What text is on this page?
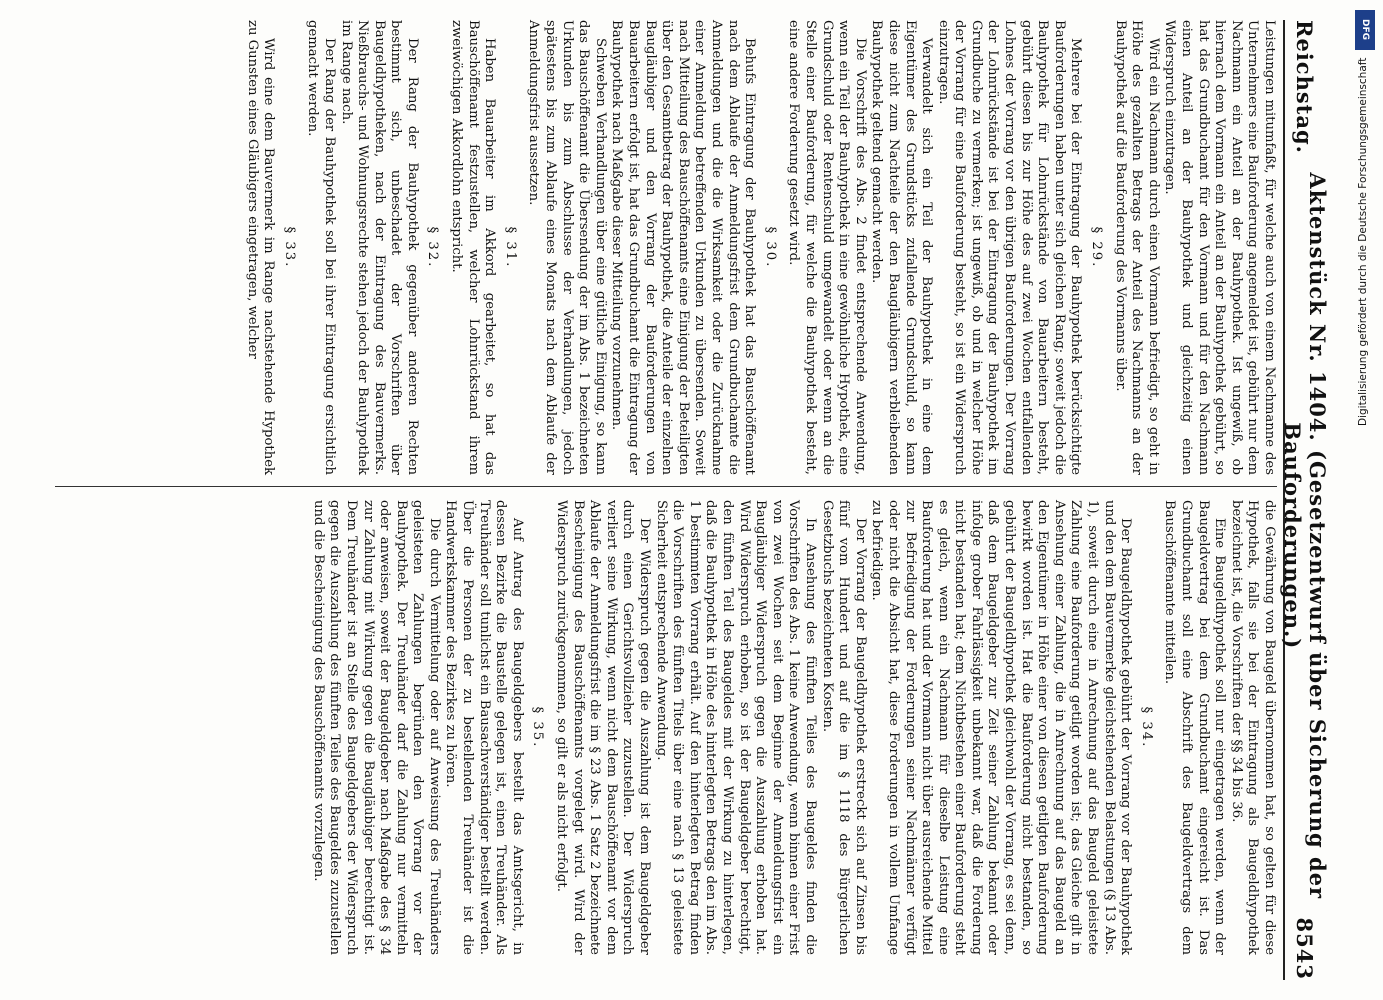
Reichstag.
Aktenstück Nr. 1404. (Gesetzentwurf über Sicherung der Bauforderungen.)
8543

Leistungen mitumfaßt, für welche auch von einem Nachmanne des Unternehmers eine Bauforderung angemeldet ist, gebührt nur dem Nachmann ein Anteil an der Bauhypothek. Ist ungewiß, ob hiernach dem Vormann ein Anteil an der Bauhypothek gebührt, so hat das Grundbuchamt für den Vormann und für den Nachmann einen Anteil an der Bauhypothek und gleichzeitig einen Widerspruch einzutragen.

Wird ein Nachmann durch einen Vormann befriedigt, so geht in Höhe des gezahlten Betrags der Anteil des Nachmanns an der Bauhypothek auf die Bauforderung des Vormanns über.

§ 29.

Mehrere bei der Eintragung der Bauhypothek berücksichtigte Bauforderungen haben unter sich gleichen Rang; soweit jedoch die Bauhypothek für Lohnrückstände von Bauarbeitern besteht, gebührt diesen bis zur Höhe des auf zwei Wochen entfallenden Lohnes der Vorrang vor den übrigen Bauforderungen. Der Vorrang der Lohnrückstände ist bei der Eintragung der Bauhypothek im Grundbuche zu vermerken; ist ungewiß, ob und in welcher Höhe der Vorrang für eine Bauforderung besteht, so ist ein Widerspruch einzutragen.

Verwandelt sich ein Teil der Bauhypothek in eine dem Eigentümer des Grundstücks zufallende Grundschuld, so kann diese nicht zum Nachteile der den Baugläubigern verbleibenden Bauhypothek geltend gemacht werden.

Die Vorschrift des Abs. 2 findet entsprechende Anwendung, wenn ein Teil der Bauhypothek in eine gewöhnliche Hypothek, eine Grundschuld oder Rentenschuld umgewandelt oder wenn an die Stelle einer Bauforderung, für welche die Bauhypothek besteht, eine andere Forderung gesetzt wird.

§ 30.

Behufs Eintragung der Bauhypothek hat das Bauschöffenamt nach dem Ablaufe der Anmeldungsfrist dem Grundbuchamte die Anmeldungen und die die Wirksamkeit oder die Zurücknahme einer Anmeldung betreffenden Urkunden zu übersenden. Soweit nach Mitteilung des Bauschöffenamts eine Einigung der Beteiligten über den Gesamtbetrag der Bauhypothek, die Anteile der einzelnen Baugläubiger und den Vorrang der Bauforderungen von Bauarbeitern erfolgt ist, hat das Grundbuchamt die Eintragung der Bauhypothek nach Maßgabe dieser Mitteilung vorzunehmen.

Schweben Verhandlungen über eine gütliche Einigung, so kann das Bauschöffenamt die Übersendung der im Abs. 1 bezeichneten Urkunden bis zum Abschlusse der Verhandlungen, jedoch spätestens bis zum Ablaufe eines Monats nach dem Ablaufe der Anmeldungsfrist aussetzen.

§ 31.

Haben Bauarbeiter im Akkord gearbeitet, so hat das Bauschöffenamt festzustellen, welcher Lohnrückstand ihrem zweiwöchigen Akkordlohn entspricht.

§ 32.

Der Rang der Bauhypothek gegenüber anderen Rechten bestimmt sich, unbeschadet der Vorschriften über Baugeldhypotheken, nach der Eintragung des Bauvermerks. Nießbrauchs- und Wohnungsrechte stehen jedoch der Bauhypothek im Range nach.

Der Rang der Bauhypothek soll bei ihrer Eintragung ersichtlich gemacht werden.

§ 33.

Wird eine dem Bauvermerk im Range nachstehende Hypothek zu Gunsten eines Gläubigers eingetragen, welcher

die Gewährung von Baugeld übernommen hat, so gelten für diese Hypothek, falls sie bei der Eintragung als Baugeldhypothek bezeichnet ist, die Vorschriften der §§ 34 bis 36.

Eine Baugeldhypothek soll nur eingetragen werden, wenn der Baugeldvertrag bei dem Grundbuchamt eingereicht ist. Das Grundbuchamt soll eine Abschrift des Baugeldvertrags dem Bauschöffenamte mitteilen.

§ 34.

Der Baugeldhypothek gebührt der Vorrang vor der Bauhypothek und den dem Bauvermerke gleichstehenden Belastungen (§ 13 Abs. 1), soweit durch eine in Anrechnung auf das Baugeld geleistete Zahlung eine Bauforderung getilgt worden ist; das Gleiche gilt in Ansehung einer Zahlung, die in Anrechnung auf das Baugeld an den Eigentümer in Höhe einer von diesen getilgten Bauforderung bewirkt worden ist. Hat die Bauforderung nicht bestanden, so gebührt der Baugeldhypothek gleichwohl der Vorrang, es sei denn, daß dem Baugeldgeber zur Zeit seiner Zahlung bekannt oder infolge grober Fahrlässigkeit unbekannt war, daß die Forderung nicht bestanden hat; dem Nichtbestehen einer Bauforderung steht es gleich, wenn ein Nachmann für dieselbe Leistung eine Bauforderung hat und der Vormann nicht über ausreichende Mittel zur Befriedigung der Forderungen seiner Nachmänner verfügt oder nicht die Absicht hat, diese Forderungen in vollem Umfange zu befriedigen.

Der Vorrang der Baugeldhypothek erstreckt sich auf Zinsen bis fünf vom Hundert und auf die im § 1118 des Bürgerlichen Gesetzbuchs bezeichneten Kosten.

In Ansehung des fünften Teiles des Baugeldes finden die Vorschriften des Abs. 1 keine Anwendung, wenn binnen einer Frist von zwei Wochen seit dem Beginne der Anmeldungsfrist ein Baugläubiger Widerspruch gegen die Auszahlung erhoben hat. Wird Widerspruch erhoben, so ist der Baugeldgeber berechtigt, den fünften Teil des Baugeldes mit der Wirkung zu hinterlegen, daß die Bauhypothek in Höhe des hinterlegten Betrags den im Abs. 1 bestimmten Vorrang erhält. Auf den hinterlegten Betrag finden die Vorschriften des fünften Titels über eine nach § 13 geleistete Sicherheit entsprechende Anwendung.

Der Widerspruch gegen die Auszahlung ist dem Baugeldgeber durch einen Gerichtsvollzieher zuzustellen. Der Widerspruch verliert seine Wirkung, wenn nicht dem Bauschöffenamt vor dem Ablaufe der Anmeldungsfrist die im § 23 Abs. 1 Satz 2 bezeichnete Bescheinigung des Bauschöffenamts vorgelegt wird. Wird der Widerspruch zurückgenommen, so gilt er als nicht erfolgt.

§ 35.

Auf Antrag des Baugeldgebers bestellt das Amtsgericht, in dessen Bezirke die Baustelle gelegen ist, einen Treuhänder. Als Treuhänder soll tunlichst ein Bausachverständiger bestellt werden. Über die Personen der zu bestellenden Treuhänder ist die Handwerkskammer des Bezirkes zu hören.

Die durch Vermittelung oder auf Anweisung des Treuhänders geleisteten Zahlungen begründen den Vorrang vor der Bauhypothek. Der Treuhänder darf die Zahlung nur vermitteln oder anweisen, soweit der Baugeldgeber nach Maßgabe des § 34 zur Zahlung mit Wirkung gegen die Baugläubiger berechtigt ist. Dem Treuhänder ist an Stelle des Baugeldgebers der Widerspruch gegen die Auszahlung des fünften Teiles des Baugeldes zuzustellen und die Bescheinigung des Bauschöffenamts vorzulegen.

DFG
Digitalisierung gefördert durch die Deutsche Forschungsgemeinschaft
